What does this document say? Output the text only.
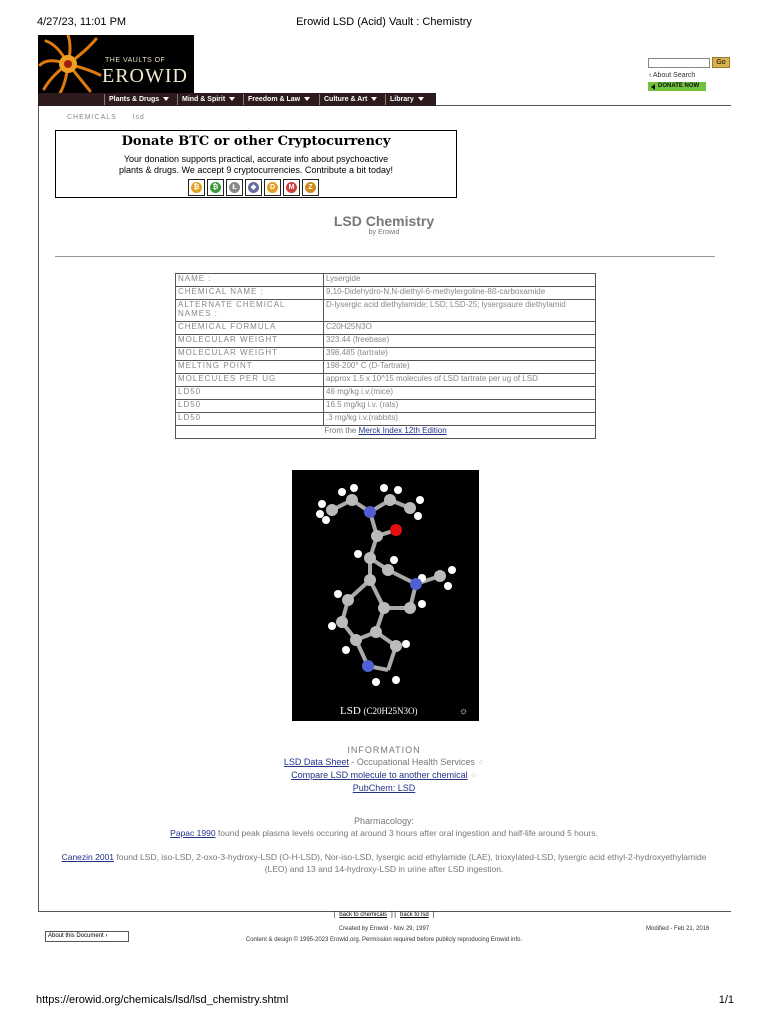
4/27/23, 11:01 PM	Erowid LSD (Acid) Vault : Chemistry
THE VAULTS OF
EROWID
Plants & Drugs	Mind & Spirit	Freedom & Law	Culture & Art	Library
Go
‹ About Search
DONATE NOW
CHEMICALS lsd
Donate BTC or other Cryptocurrency
Your donation supports practical, accurate info about psychoactive
plants & drugs. We accept 9 cryptocurrencies. Contribute a bit today!
₿	₿	Ł	◆	D	M	Z
LSD Chemistry
by Erowid
NAME :	Lysergide
CHEMICAL NAME :	9,10-Didehydro-N,N-diethyl-6-methylergoline-8ß-carboxamide
ALTERNATE CHEMICAL NAMES :	D-lysergic acid diethylamide; LSD; LSD-25; lysergsaure diethylamid
CHEMICAL FORMULA	C20H25N3O
MOLECULAR WEIGHT	323.44 (freebase)
MOLECULAR WEIGHT	398.485 (tartrate)
MELTING POINT	198-200° C (D-Tartrate)
MOLECULES PER UG	approx 1.5 x 10^15 molecules of LSD tartrate per ug of LSD
LD50	46 mg/kg i.v.(mice)
LD50	16.5 mg/kg i.v. (rats)
LD50	.3 mg/kg i.v.(rabbits)
From the Merck Index 12th Edition	
LSD (C20H25N3O)	☼
INFORMATION
LSD Data Sheet - Occupational Health Services ⁘
Compare LSD molecule to another chemical ⁘
PubChem: LSD
Pharmacology:
Papac 1990 found peak plasma levels occuring at around 3 hours after oral ingestion and half-life around 5 hours.
Canezin 2001 found LSD, iso-LSD, 2-oxo-3-hydroxy-LSD (O-H-LSD), Nor-iso-LSD, lysergic acid ethylamide (LAE), trioxylated-LSD, lysergic acid ethyl-2-hydroxyethylamide (LEO) and 13 and 14-hydroxy-LSD in urine after LSD ingestion.
[ back to chemicals ] [ back to lsd ]
About this Document ›
Created by Erowid - Nov 29, 1997	Modified - Feb 21, 2016
Content & design © 1995-2023 Erowid.org. Permission required before publicly reproducing Erowid info.
https://erowid.org/chemicals/lsd/lsd_chemistry.shtml	1/1
